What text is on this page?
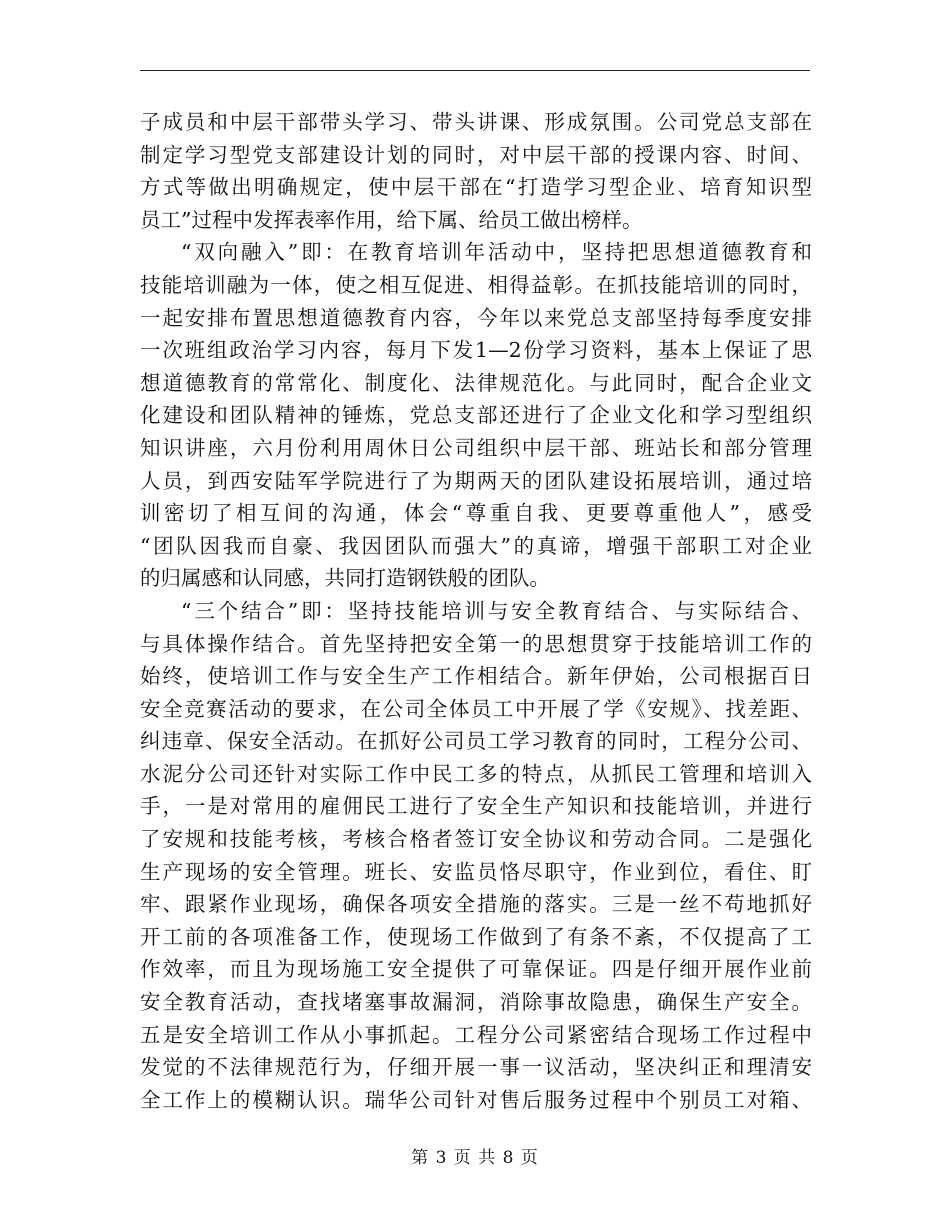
子成员和中层干部带头学习、带头讲课、形成氛围。公司党总支部在
制定学习型党支部建设计划的同时，对中层干部的授课内容、时间、
方式等做出明确规定，使中层干部在“打造学习型企业、培育知识型
员工”过程中发挥表率作用，给下属、给员工做出榜样。
“双向融入”即：在教育培训年活动中，坚持把思想道德教育和
技能培训融为一体，使之相互促进、相得益彰。在抓技能培训的同时，
一起安排布置思想道德教育内容，今年以来党总支部坚持每季度安排
一次班组政治学习内容，每月下发1—2份学习资料，基本上保证了思
想道德教育的常常化、制度化、法律规范化。与此同时，配合企业文
化建设和团队精神的锤炼，党总支部还进行了企业文化和学习型组织
知识讲座，六月份利用周休日公司组织中层干部、班站长和部分管理
人员，到西安陆军学院进行了为期两天的团队建设拓展培训，通过培
训密切了相互间的沟通，体会“尊重自我、更要尊重他人”，感受
“团队因我而自豪、我因团队而强大”的真谛，增强干部职工对企业
的归属感和认同感，共同打造钢铁般的团队。
“三个结合”即：坚持技能培训与安全教育结合、与实际结合、
与具体操作结合。首先坚持把安全第一的思想贯穿于技能培训工作的
始终，使培训工作与安全生产工作相结合。新年伊始，公司根据百日
安全竞赛活动的要求，在公司全体员工中开展了学《安规》、找差距、
纠违章、保安全活动。在抓好公司员工学习教育的同时，工程分公司、
水泥分公司还针对实际工作中民工多的特点，从抓民工管理和培训入
手，一是对常用的雇佣民工进行了安全生产知识和技能培训，并进行
了安规和技能考核，考核合格者签订安全协议和劳动合同。二是强化
生产现场的安全管理。班长、安监员恪尽职守，作业到位，看住、盯
牢、跟紧作业现场，确保各项安全措施的落实。三是一丝不苟地抓好
开工前的各项准备工作，使现场工作做到了有条不紊，不仅提高了工
作效率，而且为现场施工安全提供了可靠保证。四是仔细开展作业前
安全教育活动，查找堵塞事故漏洞，消除事故隐患，确保生产安全。
五是安全培训工作从小事抓起。工程分公司紧密结合现场工作过程中
发觉的不法律规范行为，仔细开展一事一议活动，坚决纠正和理清安
全工作上的模糊认识。瑞华公司针对售后服务过程中个别员工对箱、
第 3 页 共 8 页
